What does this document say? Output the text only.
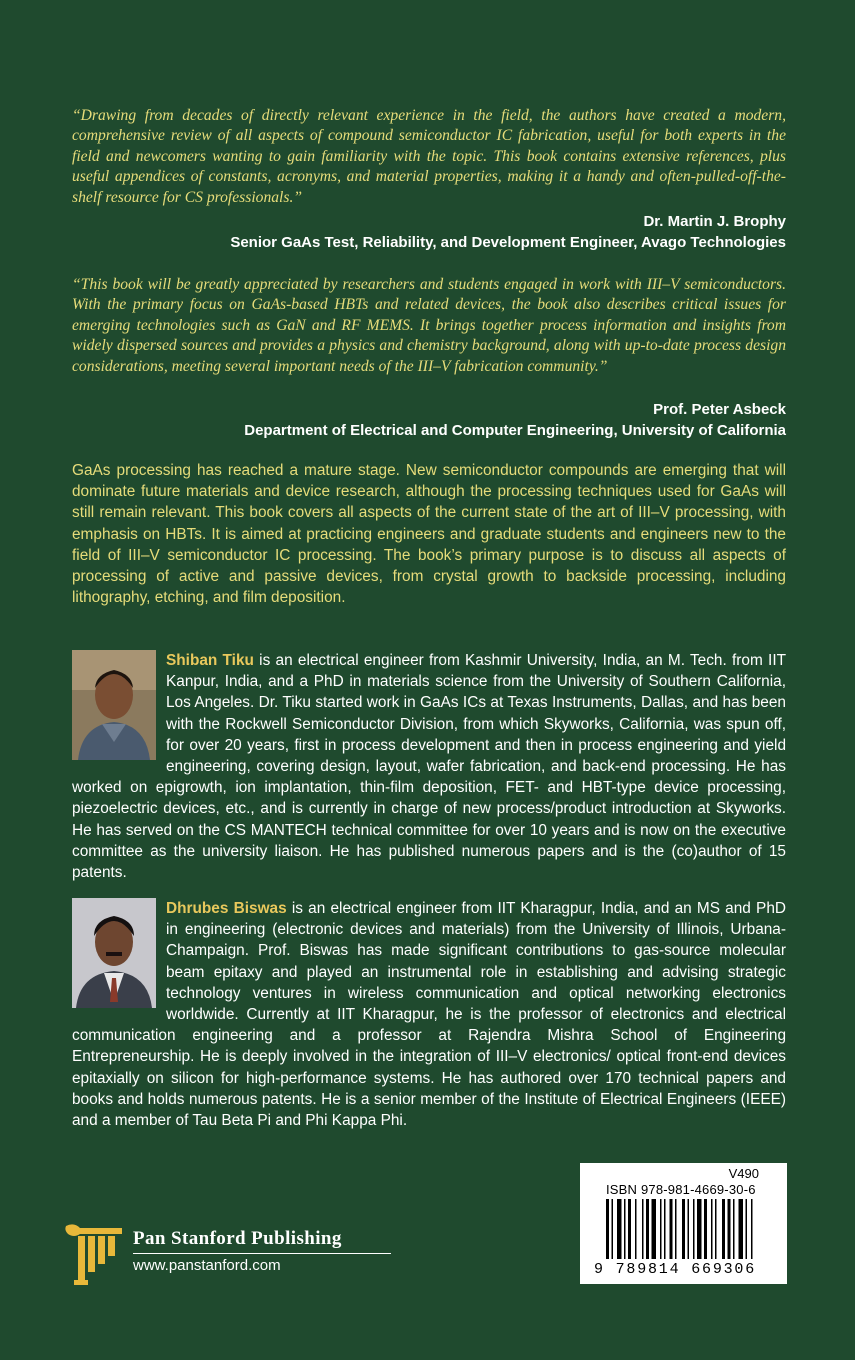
“Drawing from decades of directly relevant experience in the field, the authors have created a modern, comprehensive review of all aspects of compound semiconductor IC fabrication, useful for both experts in the field and newcomers wanting to gain familiarity with the topic. This book contains extensive references, plus useful appendices of constants, acronyms, and material properties, making it a handy and often-pulled-off-the-shelf resource for CS professionals.”

Dr. Martin J. Brophy
Senior GaAs Test, Reliability, and Development Engineer, Avago Technologies

“This book will be greatly appreciated by researchers and students engaged in work with III–V semiconductors. With the primary focus on GaAs-based HBTs and related devices, the book also describes critical issues for emerging technologies such as GaN and RF MEMS. It brings together process information and insights from widely dispersed sources and provides a physics and chemistry background, along with up-to-date process design considerations, meeting several important needs of the III–V fabrication community.”

Prof. Peter Asbeck
Department of Electrical and Computer Engineering, University of California

GaAs processing has reached a mature stage. New semiconductor compounds are emerging that will dominate future materials and device research, although the processing techniques used for GaAs will still remain relevant. This book covers all aspects of the current state of the art of III–V processing, with emphasis on HBTs. It is aimed at practicing engineers and graduate students and engineers new to the field of III–V semiconductor IC processing. The book’s primary purpose is to discuss all aspects of processing of active and passive devices, from crystal growth to backside processing, including lithography, etching, and film deposition.

Shiban Tiku is an electrical engineer from Kashmir University, India, an M. Tech. from IIT Kanpur, India, and a PhD in materials science from the University of Southern California, Los Angeles. Dr. Tiku started work in GaAs ICs at Texas Instruments, Dallas, and has been with the Rockwell Semiconductor Division, from which Skyworks, California, was spun off, for over 20 years, first in process development and then in process engineering and yield engineering, covering design, layout, wafer fabrication, and back-end processing. He has worked on epigrowth, ion implantation, thin-film deposition, FET- and HBT-type device processing, piezoelectric devices, etc., and is currently in charge of new process/product introduction at Skyworks. He has served on the CS MANTECH technical committee for over 10 years and is now on the executive committee as the university liaison. He has published numerous papers and is the (co)author of 15 patents.
Dhrubes Biswas is an electrical engineer from IIT Kharagpur, India, and an MS and PhD in engineering (electronic devices and materials) from the University of Illinois, Urbana-Champaign. Prof. Biswas has made significant contributions to gas-source molecular beam epitaxy and played an instrumental role in establishing and advising strategic technology ventures in wireless communication and optical networking electronics worldwide. Currently at IIT Kharagpur, he is the professor of electronics and electrical communication engineering and a professor at Rajendra Mishra School of Engineering Entrepreneurship. He is deeply involved in the integration of III–V electronics/ optical front-end devices epitaxially on silicon for high-performance systems. He has authored over 170 technical papers and books and holds numerous patents. He is a senior member of the Institute of Electrical Engineers (IEEE) and a member of Tau Beta Pi and Phi Kappa Phi.
Pan Stanford Publishing
www.panstanford.com
V490
ISBN 978-981-4669-30-6
9 789814 669306
